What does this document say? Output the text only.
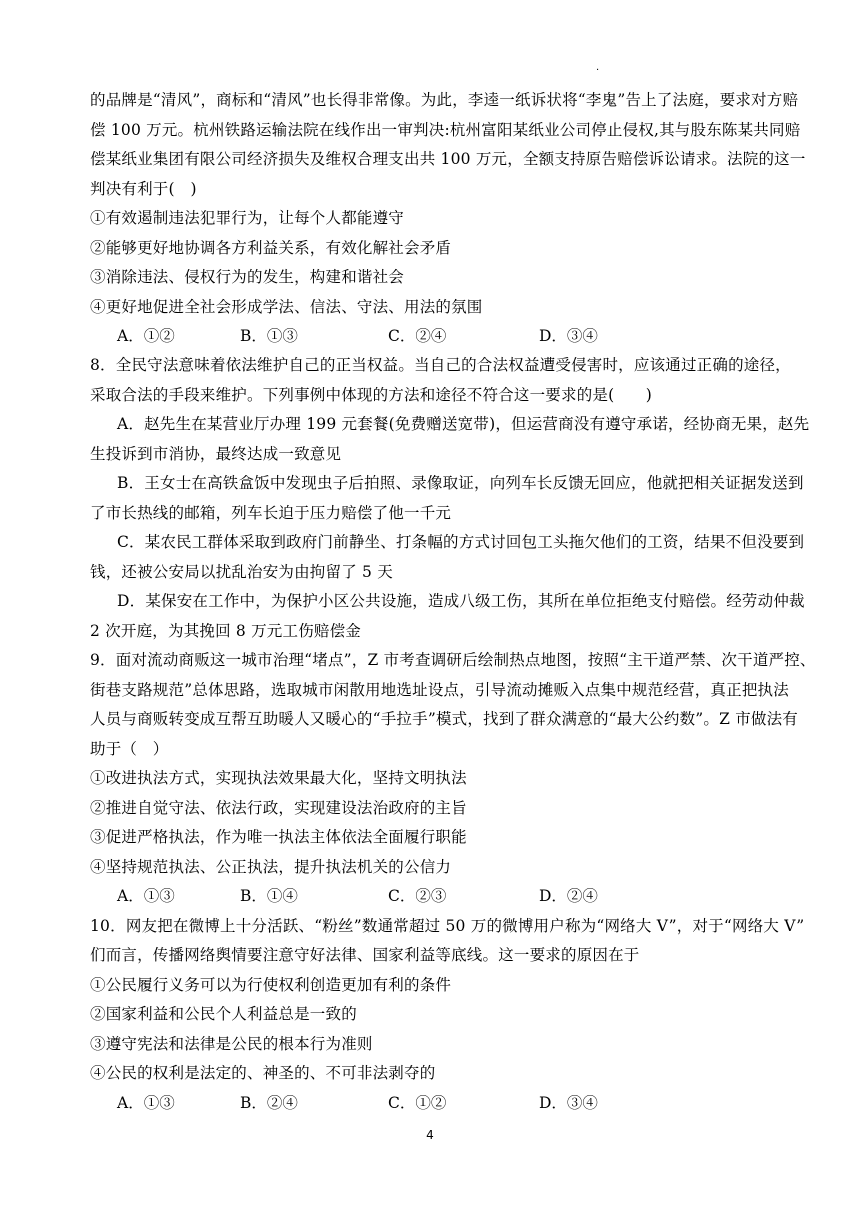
·
的品牌是“清风”，商标和“清风”也长得非常像。为此，李逵一纸诉状将“李鬼”告上了法庭，要求对方赔
偿 100 万元。杭州铁路运输法院在线作出一审判决:杭州富阳某纸业公司停止侵权,其与股东陈某共同赔
偿某纸业集团有限公司经济损失及维权合理支出共 100 万元，全额支持原告赔偿诉讼请求。法院的这一
判决有利于(　)
①有效遏制违法犯罪行为，让每个人都能遵守
②能够更好地协调各方利益关系，有效化解社会矛盾
③消除违法、侵权行为的发生，构建和谐社会
④更好地促进全社会形成学法、信法、守法、用法的氛围
A．①②	B．①③	C．②④	D．③④
8．全民守法意味着依法维护自己的正当权益。当自己的合法权益遭受侵害时，应该通过正确的途径，
采取合法的手段来维护。下列事例中体现的方法和途径不符合这一要求的是(　　)
A．赵先生在某营业厅办理 199 元套餐(免费赠送宽带)，但运营商没有遵守承诺，经协商无果，赵先
生投诉到市消协，最终达成一致意见
B．王女士在高铁盒饭中发现虫子后拍照、录像取证，向列车长反馈无回应，他就把相关证据发送到
了市长热线的邮箱，列车长迫于压力赔偿了他一千元
C．某农民工群体采取到政府门前静坐、打条幅的方式讨回包工头拖欠他们的工资，结果不但没要到
钱，还被公安局以扰乱治安为由拘留了 5 天
D．某保安在工作中，为保护小区公共设施，造成八级工伤，其所在单位拒绝支付赔偿。经劳动仲裁
2 次开庭，为其挽回 8 万元工伤赔偿金
9．面对流动商贩这一城市治理“堵点”，Z 市考查调研后绘制热点地图，按照“主干道严禁、次干道严控、
街巷支路规范”总体思路，选取城市闲散用地选址设点，引导流动摊贩入点集中规范经营，真正把执法
人员与商贩转变成互帮互助暖人又暖心的“手拉手”模式，找到了群众满意的“最大公约数”。Z 市做法有
助于（　）
①改进执法方式，实现执法效果最大化，坚持文明执法
②推进自觉守法、依法行政，实现建设法治政府的主旨
③促进严格执法，作为唯一执法主体依法全面履行职能
④坚持规范执法、公正执法，提升执法机关的公信力
A．①③	B．①④	C．②③	D．②④
10．网友把在微博上十分活跃、“粉丝”数通常超过 50 万的微博用户称为“网络大 V”，对于“网络大 V”
们而言，传播网络舆情要注意守好法律、国家利益等底线。这一要求的原因在于
①公民履行义务可以为行使权利创造更加有利的条件
②国家利益和公民个人利益总是一致的
③遵守宪法和法律是公民的根本行为准则
④公民的权利是法定的、神圣的、不可非法剥夺的
A．①③	B．②④	C．①②	D．③④
4
